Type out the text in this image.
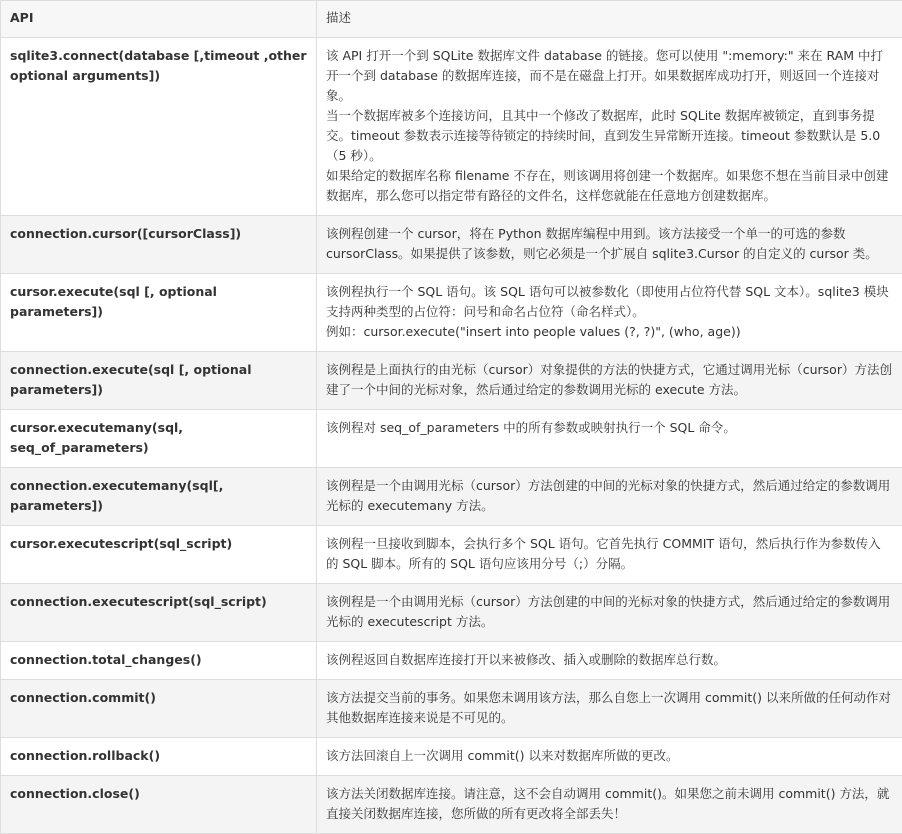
API	描述
sqlite3.connect(database [,timeout ,other optional arguments])	该 API 打开一个到 SQLite 数据库文件 database 的链接。您可以使用 ":memory:" 来在 RAM 中打开一个到 database 的数据库连接，而不是在磁盘上打开。如果数据库成功打开，则返回一个连接对象。

当一个数据库被多个连接访问，且其中一个修改了数据库，此时 SQLite 数据库被锁定，直到事务提交。timeout 参数表示连接等待锁定的持续时间，直到发生异常断开连接。timeout 参数默认是 5.0（5 秒）。

如果给定的数据库名称 filename 不存在，则该调用将创建一个数据库。如果您不想在当前目录中创建数据库，那么您可以指定带有路径的文件名，这样您就能在任意地方创建数据库。

connection.cursor([cursorClass])	该例程创建一个 cursor，将在 Python 数据库编程中用到。该方法接受一个单一的可选的参数 cursorClass。如果提供了该参数，则它必须是一个扩展自 sqlite3.Cursor 的自定义的 cursor 类。

cursor.execute(sql [, optional parameters])	该例程执行一个 SQL 语句。该 SQL 语句可以被参数化（即使用占位符代替 SQL 文本）。sqlite3 模块支持两种类型的占位符：问号和命名占位符（命名样式）。

例如：cursor.execute("insert into people values (?, ?)", (who, age))

connection.execute(sql [, optional parameters])	该例程是上面执行的由光标（cursor）对象提供的方法的快捷方式，它通过调用光标（cursor）方法创建了一个中间的光标对象，然后通过给定的参数调用光标的 execute 方法。

cursor.executemany(sql, seq_of_parameters)	该例程对 seq_of_parameters 中的所有参数或映射执行一个 SQL 命令。

connection.executemany(sql[, parameters])	该例程是一个由调用光标（cursor）方法创建的中间的光标对象的快捷方式，然后通过给定的参数调用光标的 executemany 方法。

cursor.executescript(sql_script)	该例程一旦接收到脚本，会执行多个 SQL 语句。它首先执行 COMMIT 语句，然后执行作为参数传入的 SQL 脚本。所有的 SQL 语句应该用分号（;）分隔。

connection.executescript(sql_script)	该例程是一个由调用光标（cursor）方法创建的中间的光标对象的快捷方式，然后通过给定的参数调用光标的 executescript 方法。

connection.total_changes()	该例程返回自数据库连接打开以来被修改、插入或删除的数据库总行数。

connection.commit()	该方法提交当前的事务。如果您未调用该方法，那么自您上一次调用 commit() 以来所做的任何动作对其他数据库连接来说是不可见的。

connection.rollback()	该方法回滚自上一次调用 commit() 以来对数据库所做的更改。

connection.close()	该方法关闭数据库连接。请注意，这不会自动调用 commit()。如果您之前未调用 commit() 方法，就直接关闭数据库连接，您所做的所有更改将全部丢失！
